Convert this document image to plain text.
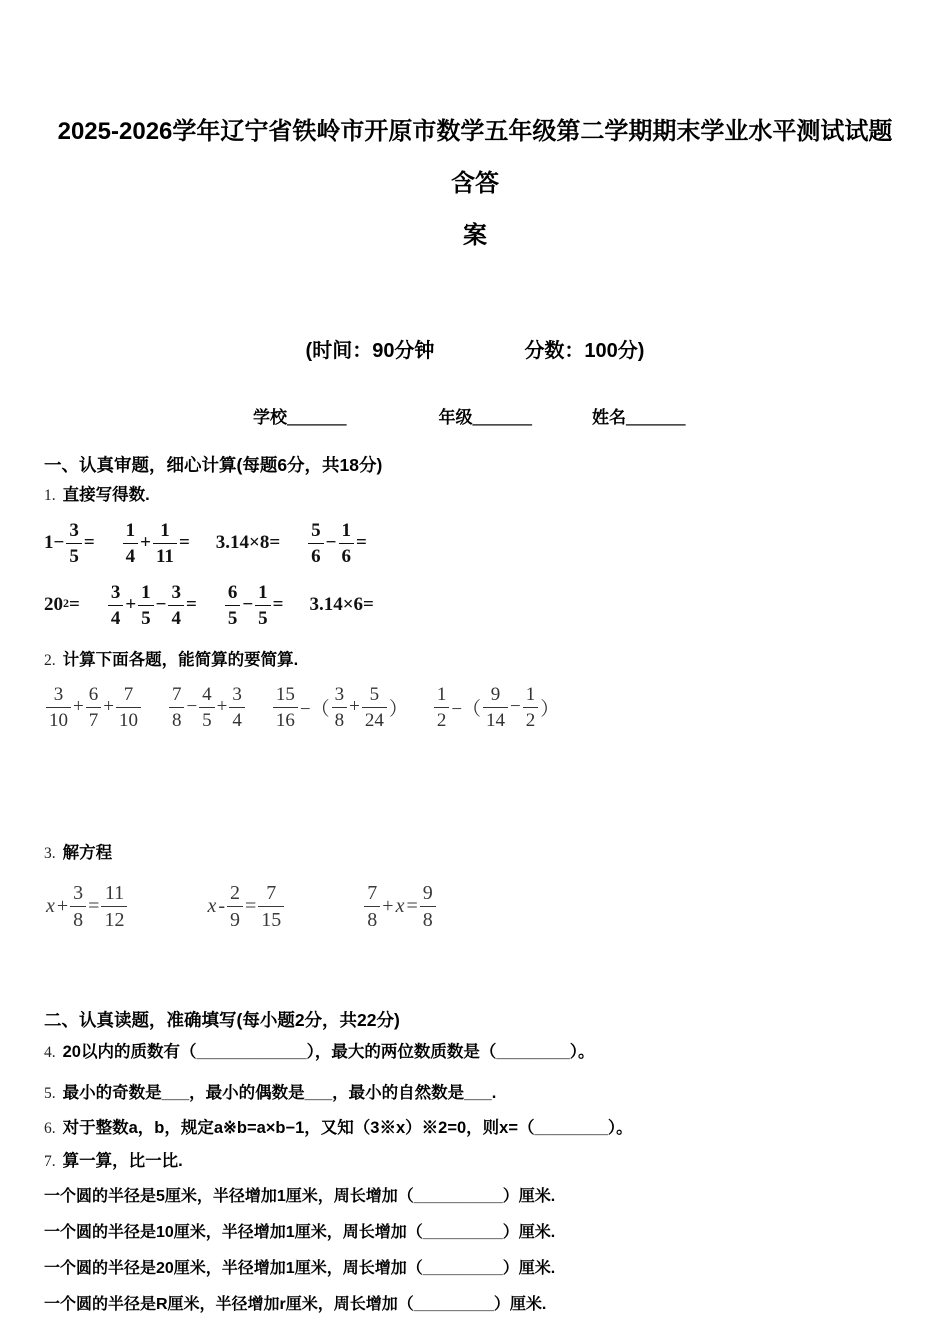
2025-2026学年辽宁省铁岭市开原市数学五年级第二学期期末学业水平测试试题含答
案
(时间：90分钟	分数：100分)
学校_______	年级_______	姓名_______
一、认真审题，细心计算(每题6分，共18分)
1. 直接写得数.
$1- \frac{3}{5} = \frac{1}{4} + \frac{1}{11} = 3.14\times 8= \frac{5}{6} - \frac{1}{6}$ =
20 $2 = \frac{3}{4} + \frac{1}{5} - \frac{3}{4} = \frac{6}{5} - \frac{1}{5} = 3.14\times 6=$
2. 计算下面各题，能简算的要简算.
$\frac{3}{10} + \frac{6}{7} + \frac{7}{10} \frac{7}{8} - \frac{4}{5} + \frac{3}{4} \frac{15}{16}$ −（ $\frac{3}{8} + \frac{5}{24}$ ） $\frac{1}{2}$ −（ $\frac{9}{14} - \frac{1}{2}$ ）
3. 解方程
$x + \frac{3}{8} = \frac{11}{12}$	$x - \frac{2}{9} = \frac{7}{15}$	$\frac{7}{8} + x = \frac{9}{8}$
二、认真读题，准确填写(每小题2分，共22分)
4. 20以内的质数有（____________），最大的两位数质数是（________）。
5. 最小的奇数是___，最小的偶数是___，最小的自然数是___.
6. 对于整数a，b，规定a※b=a×b−1，又知（3※x）※2=0，则x=（________）。
7. 算一算，比一比.
一个圆的半径是5厘米，半径增加1厘米，周长增加（__________）厘米.
一个圆的半径是10厘米，半径增加1厘米，周长增加（_________）厘米.
一个圆的半径是20厘米，半径增加1厘米，周长增加（_________）厘米.
一个圆的半径是R厘米，半径增加r厘米，周长增加（_________）厘米.
